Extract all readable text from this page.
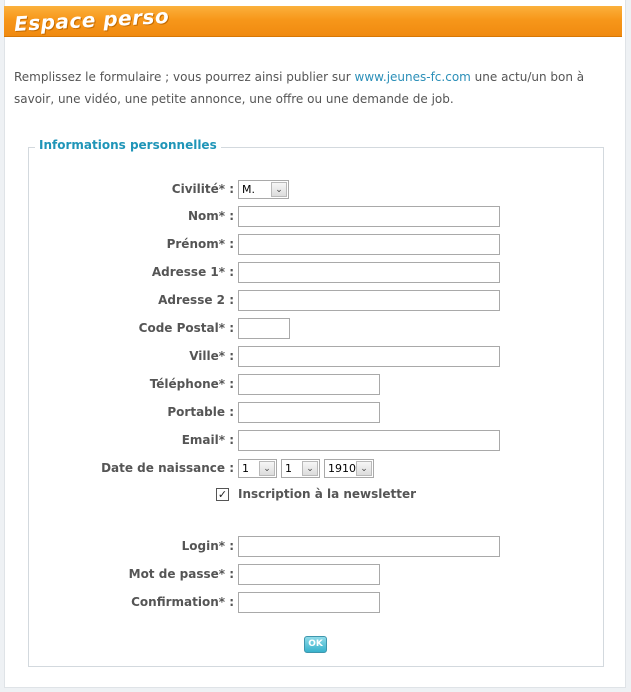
Espace perso
Remplissez le formulaire ; vous pourrez ainsi publier sur www.jeunes-fc.com une actu/un bon à savoir, une vidéo, une petite annonce, une offre ou une demande de job.
Informations personnelles
Civilité* : M.	⌄
Nom* :
Prénom* :
Adresse 1* :
Adresse 2 :
Code Postal* :
Ville* :
Téléphone* :
Portable :
Email* :
Date de naissance : 1	⌄	1	⌄	1910 ⌄
✓ Inscription à la newsletter
Login* :
Mot de passe* :
Confirmation* :
OK
